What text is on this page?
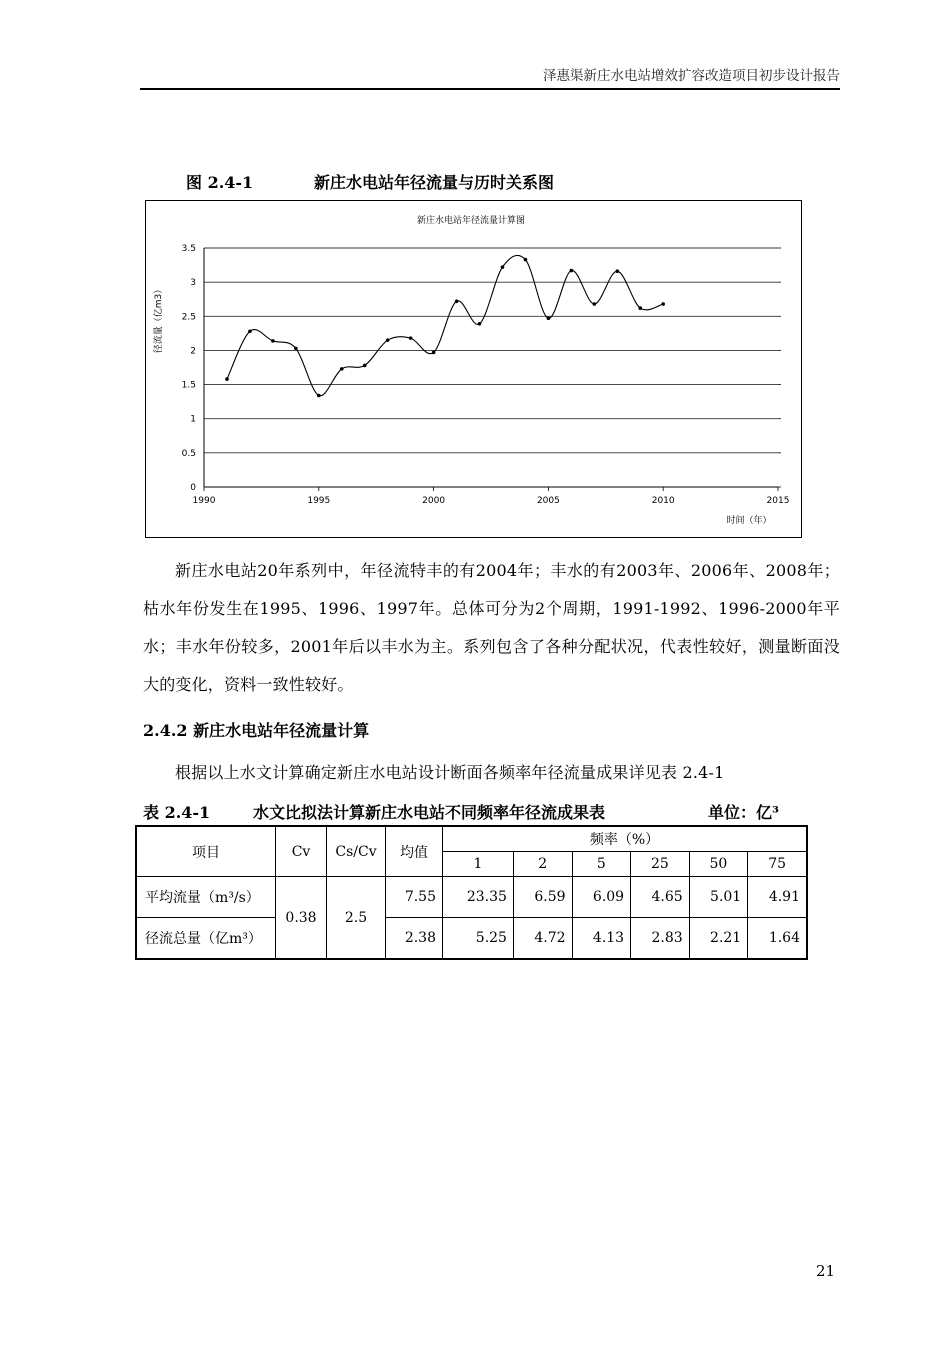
泽惠渠新庄水电站增效扩容改造项目初步设计报告
图 2.4-1	新庄水电站年径流量与历时关系图
0
0.5
1
1.5
2
2.5
3
3.5
1990	1995	2000	2005	2010	2015
新庄水电站年径流量计算图
时间（年）
径流量（亿m3）
新庄水电站20年系列中，年径流特丰的有2004年；丰水的有2003年、2006年、2008年；枯水年份发生在1995、1996、1997年。总体可分为2个周期，1991-1992、1996-2000年平水；丰水年份较多，2001年后以丰水为主。系列包含了各种分配状况，代表性较好，测量断面没大的变化，资料一致性较好。
2.4.2 新庄水电站年径流量计算
根据以上水文计算确定新庄水电站设计断面各频率年径流量成果详见表 2.4-1
表 2.4-1	水文比拟法计算新庄水电站不同频率年径流成果表	单位：亿³
项目	Cv	Cs/Cv	均值	频率（%）					
				1	2	5	25	50	75
平均流量（m³/s）	0.38	2.5	7.55	23.35	6.59	6.09	4.65	5.01	4.91
径流总量（亿m³）			2.38	5.25	4.72	4.13	2.83	2.21	1.64
21
